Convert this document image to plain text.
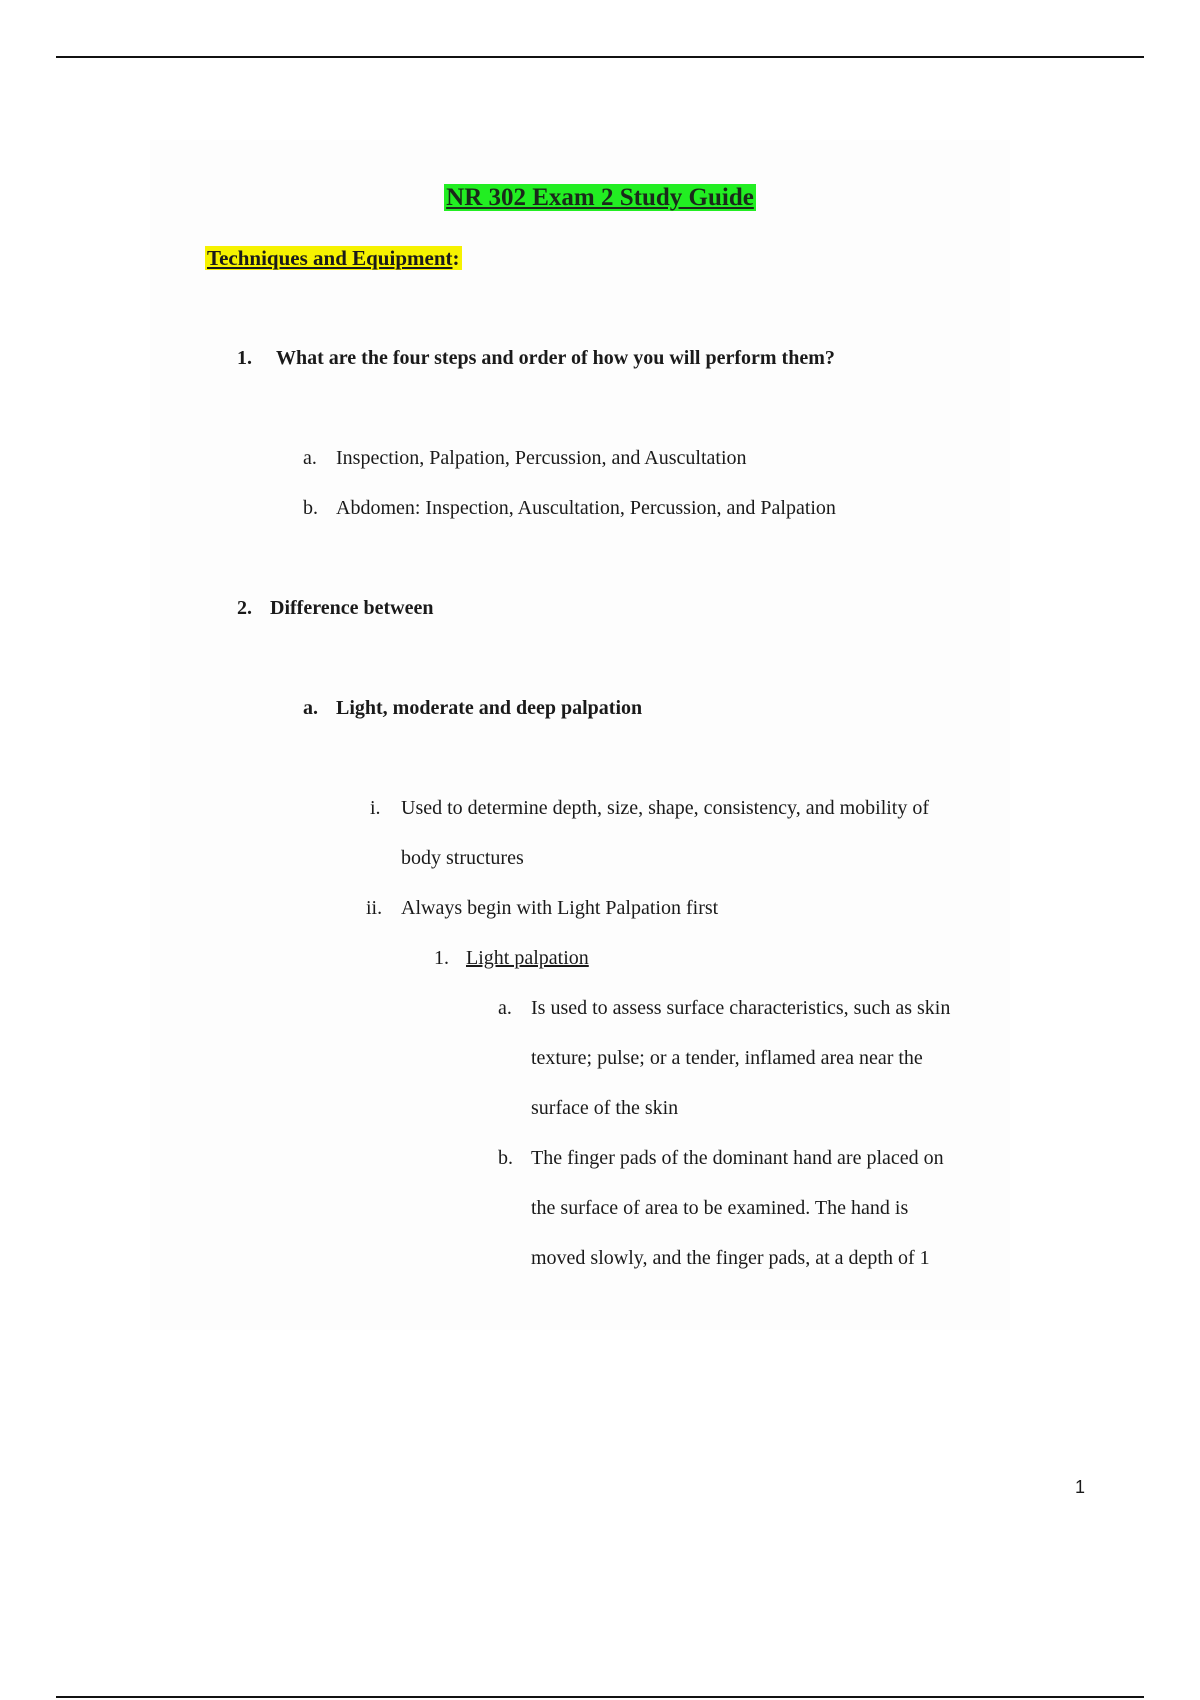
NR 302 Exam 2 Study Guide
Techniques and Equipment:
1. What are the four steps and order of how you will perform them?
a. Inspection, Palpation, Percussion, and Auscultation
b. Abdomen: Inspection, Auscultation, Percussion, and Palpation
2. Difference between
a. Light, moderate and deep palpation
i. Used to determine depth, size, shape, consistency, and mobility of
body structures
ii. Always begin with Light Palpation first
1. Light palpation
a. Is used to assess surface characteristics, such as skin
texture; pulse; or a tender, inflamed area near the
surface of the skin
b. The finger pads of the dominant hand are placed on
the surface of area to be examined. The hand is
moved slowly, and the finger pads, at a depth of 1
1
